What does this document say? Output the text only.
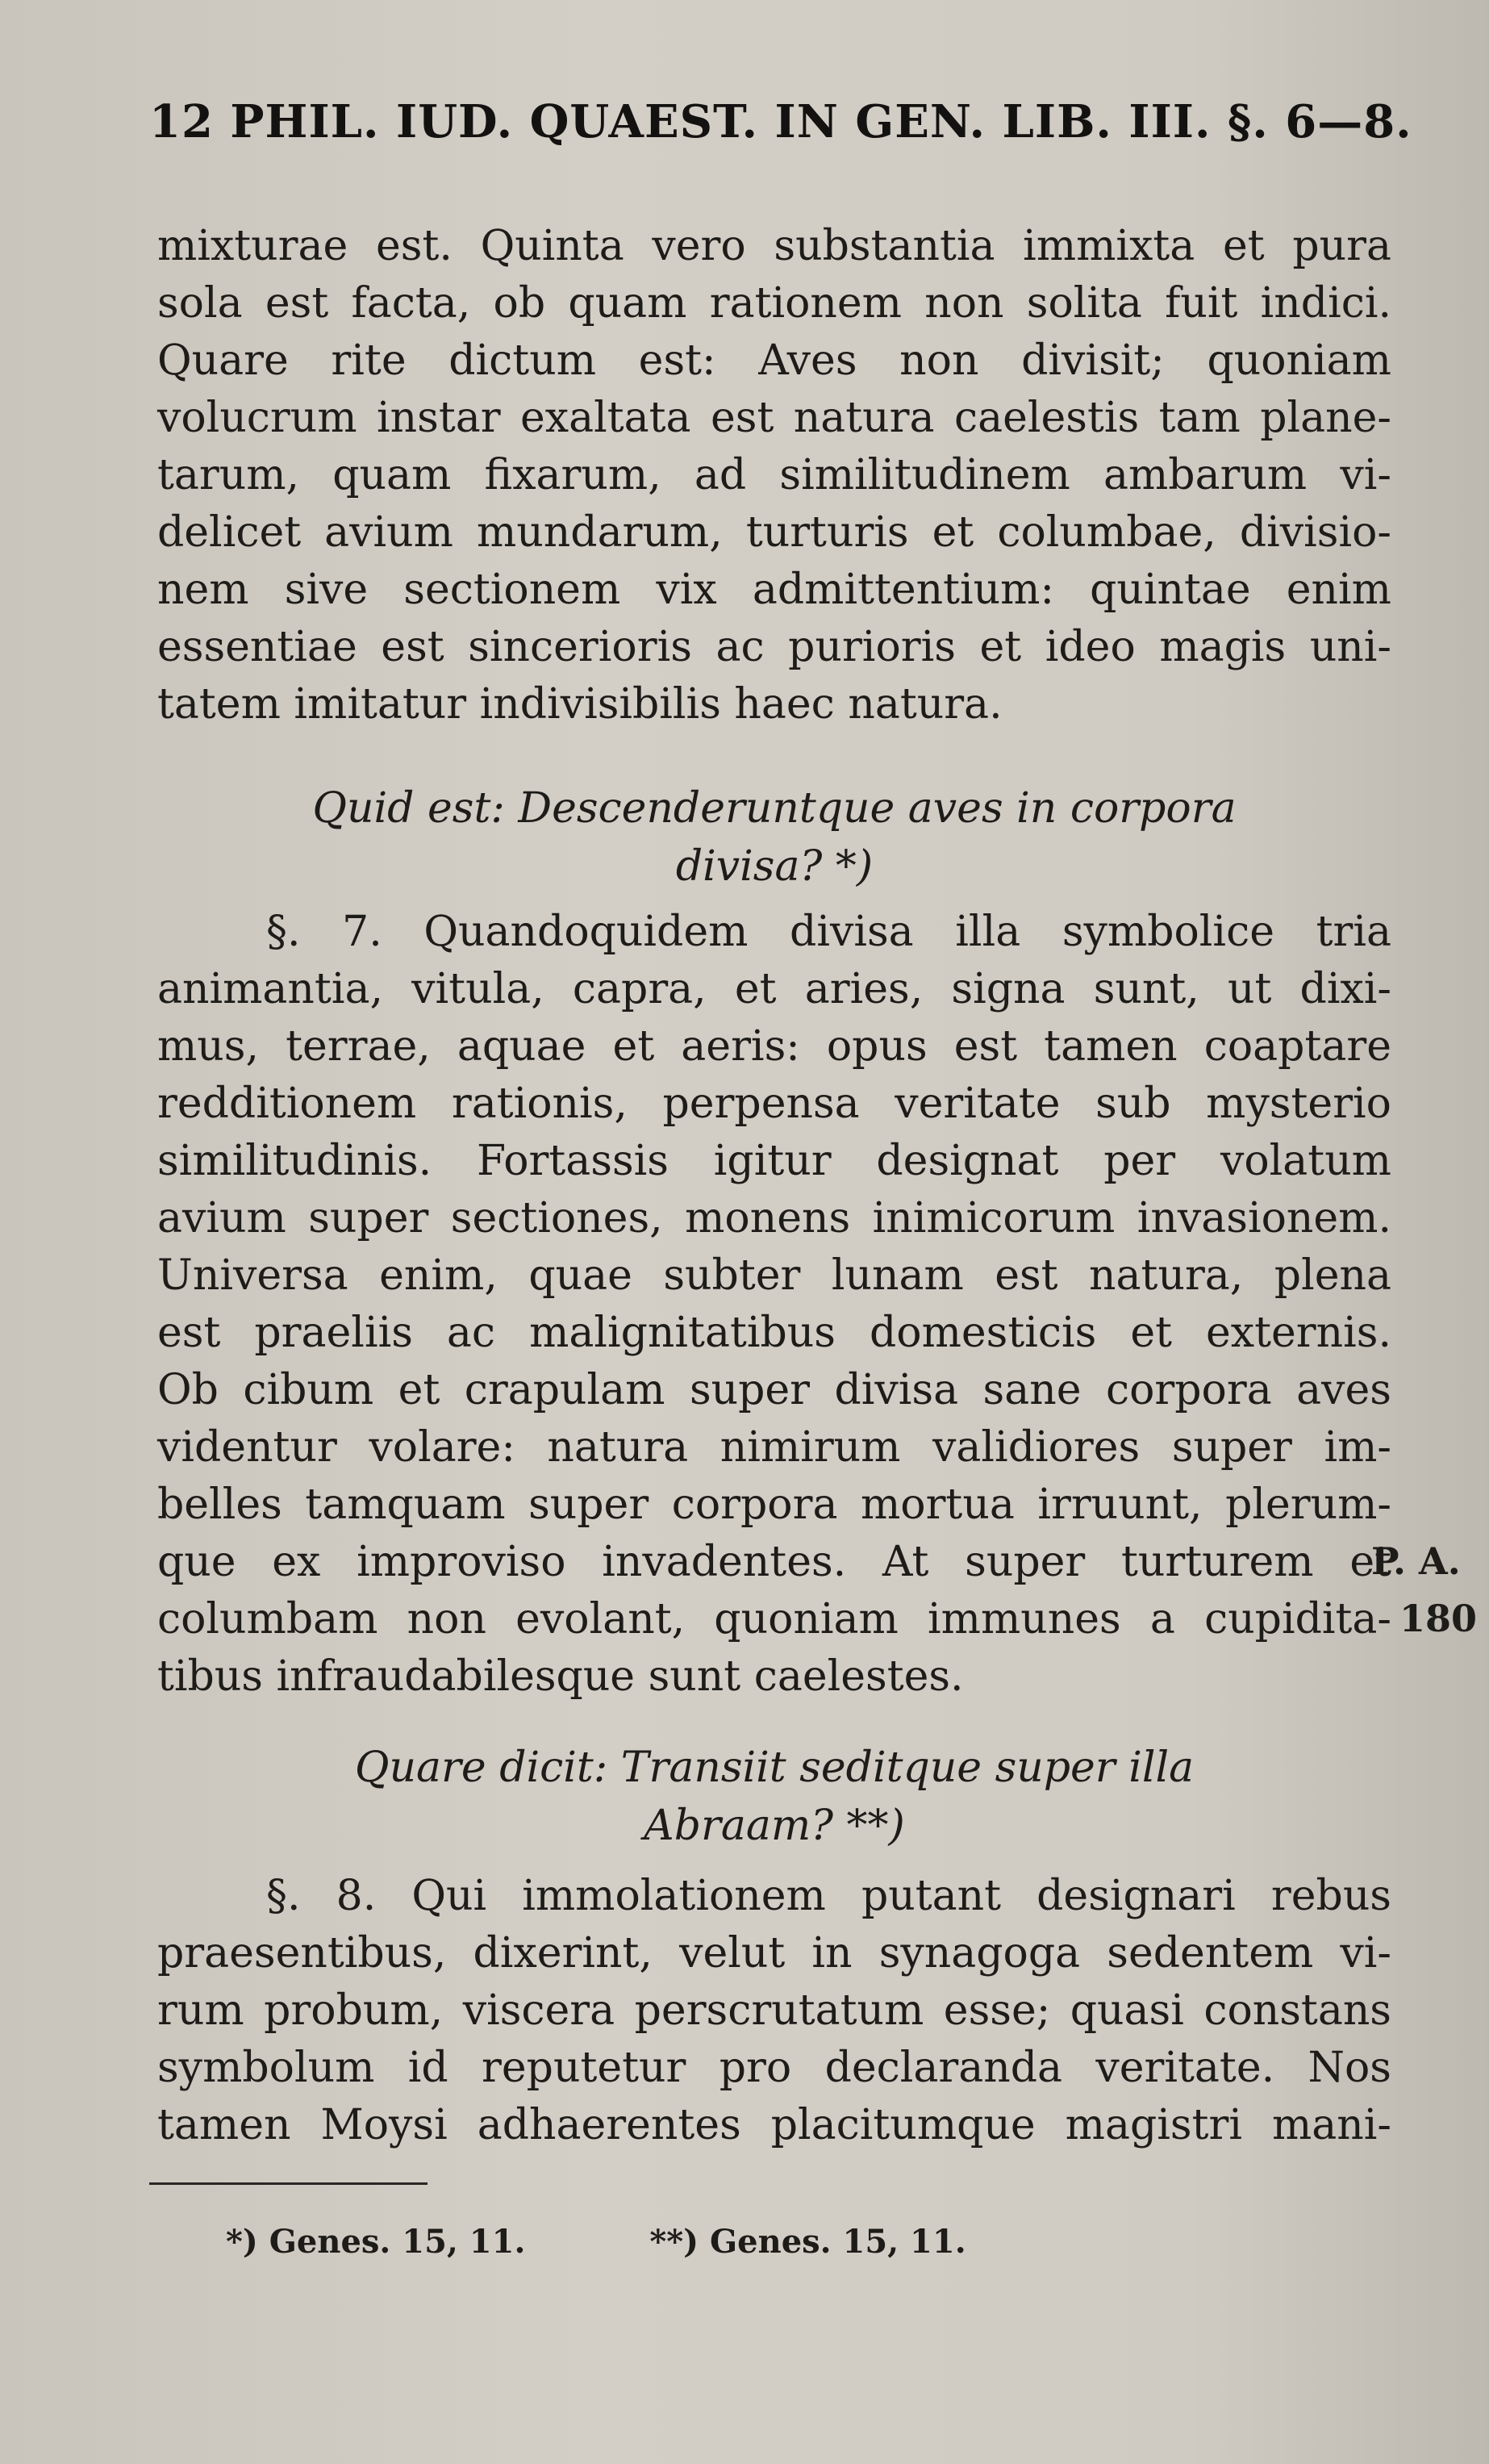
12 PHIL. IUD. QUAEST. IN GEN. LIB. III. §. 6—8.

mixturae est. Quinta vero substantia immixta et pura
sola est facta, ob quam rationem non solita fuit indici.
Quare rite dictum est: Aves non divisit; quoniam
volucrum instar exaltata est natura caelestis tam plane-
tarum, quam fixarum, ad similitudinem ambarum vi-
delicet avium mundarum, turturis et columbae, divisio-
nem sive sectionem vix admittentium: quintae enim
essentiae est sincerioris ac purioris et ideo magis uni-
tatem imitatur indivisibilis haec natura.

Quid est: Descenderuntque aves in corpora
divisa? *)

§. 7. Quandoquidem divisa illa symbolice tria
animantia, vitula, capra, et aries, signa sunt, ut dixi-
mus, terrae, aquae et aeris: opus est tamen coaptare
redditionem rationis, perpensa veritate sub mysterio
similitudinis. Fortassis igitur designat per volatum
avium super sectiones, monens inimicorum invasionem.
Universa enim, quae subter lunam est natura, plena
est praeliis ac malignitatibus domesticis et externis.
Ob cibum et crapulam super divisa sane corpora aves
videntur volare: natura nimirum validiores super im-
belles tamquam super corpora mortua irruunt, plerum-
que ex improviso invadentes. At super turturem et
columbam non evolant, quoniam immunes a cupidita-
tibus infraudabilesque sunt caelestes.

P. A.
180

Quare dicit: Transiit seditque super illa
Abraam? **)

§. 8. Qui immolationem putant designari rebus
praesentibus, dixerint, velut in synagoga sedentem vi-
rum probum, viscera perscrutatum esse; quasi constans
symbolum id reputetur pro declaranda veritate. Nos
tamen Moysi adhaerentes placitumque magistri mani-

*) Genes. 15, 11.	**) Genes. 15, 11.
